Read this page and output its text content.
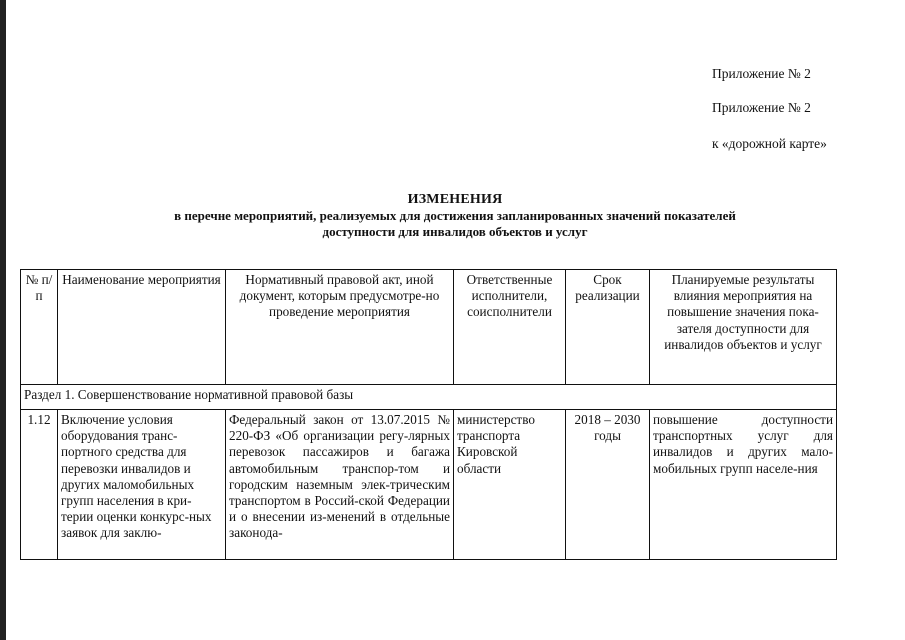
Приложение № 2
Приложение № 2
к «дорожной карте»
ИЗМЕНЕНИЯ
в перечне мероприятий, реализуемых для достижения запланированных значений показателей
доступности для инвалидов объектов и услуг
№ п/п	Наименование мероприятия	Нормативный правовой акт, иной документ, которым предусмотре-но проведение мероприятия	Ответственные исполнители, соисполнители	Срок реализации	Планируемые результаты влияния мероприятия на повышение значения пока-зателя доступности для инвалидов объектов и услуг
Раздел 1. Совершенствование нормативной правовой базы					

1.12	Включение условия оборудования транс-портного средства для перевозки инвалидов и других маломобильных групп населения в кри-терии оценки конкурс-ных заявок для заклю-	Федеральный закон от 13.07.2015 № 220-ФЗ «Об организации регу-лярных перевозок пассажиров и багажа автомобильным транспор-том и городским наземным элек-трическим транспортом в Россий-ской Федерации и о внесении из-менений в отдельные законода-	министерство транспорта Кировской области	2018 – 2030 годы	повышение доступности транспортных услуг для инвалидов и других мало-мобильных групп населе-ния
